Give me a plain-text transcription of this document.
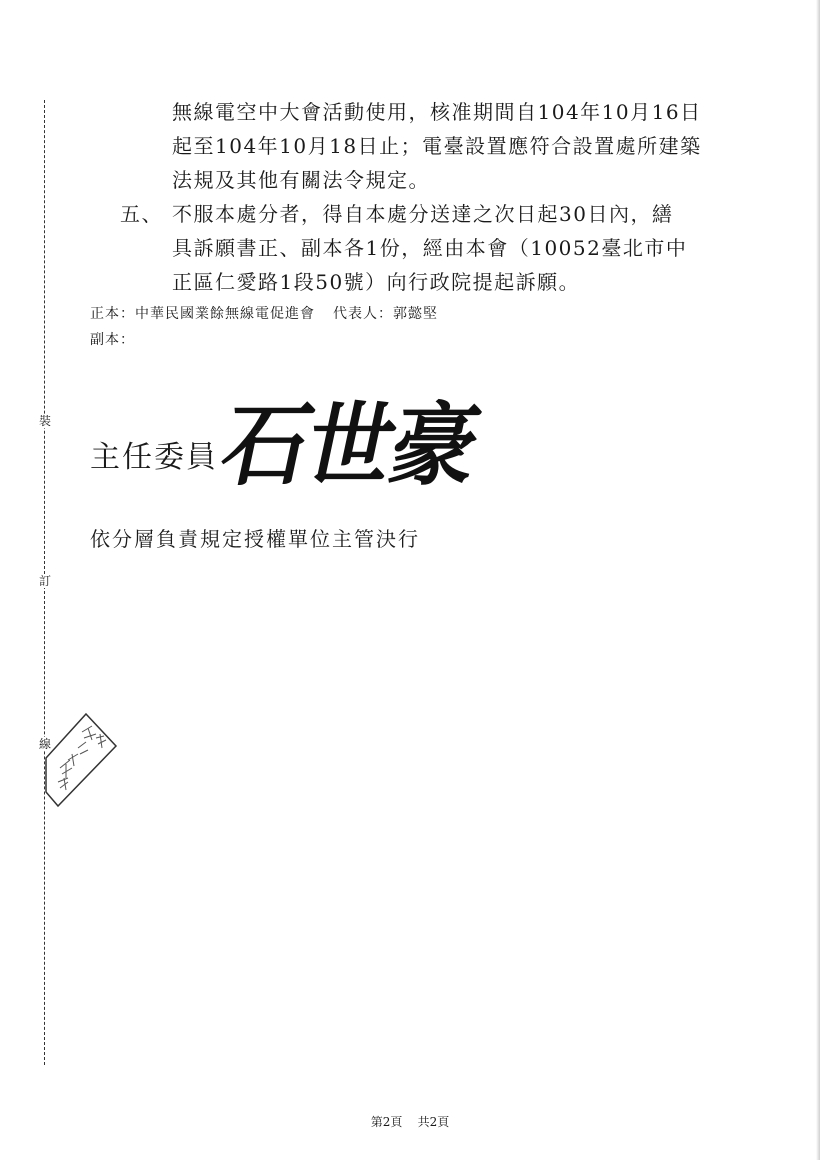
裝
訂
線

無線電空中大會活動使用，核准期間自104年10月16日

起至104年10月18日止；電臺設置應符合設置處所建築

法規及其他有關法令規定。

五、 不服本處分者，得自本處分送達之次日起30日內，繕

具訴願書正、副本各1份，經由本會（10052臺北市中

正區仁愛路1段50號）向行政院提起訴願。

正本：中華民國業餘無線電促進會 代表人：郭懿堅
副本：
主任委員
石世豪
依分層負責規定授權單位主管決行
第2頁 共2頁
